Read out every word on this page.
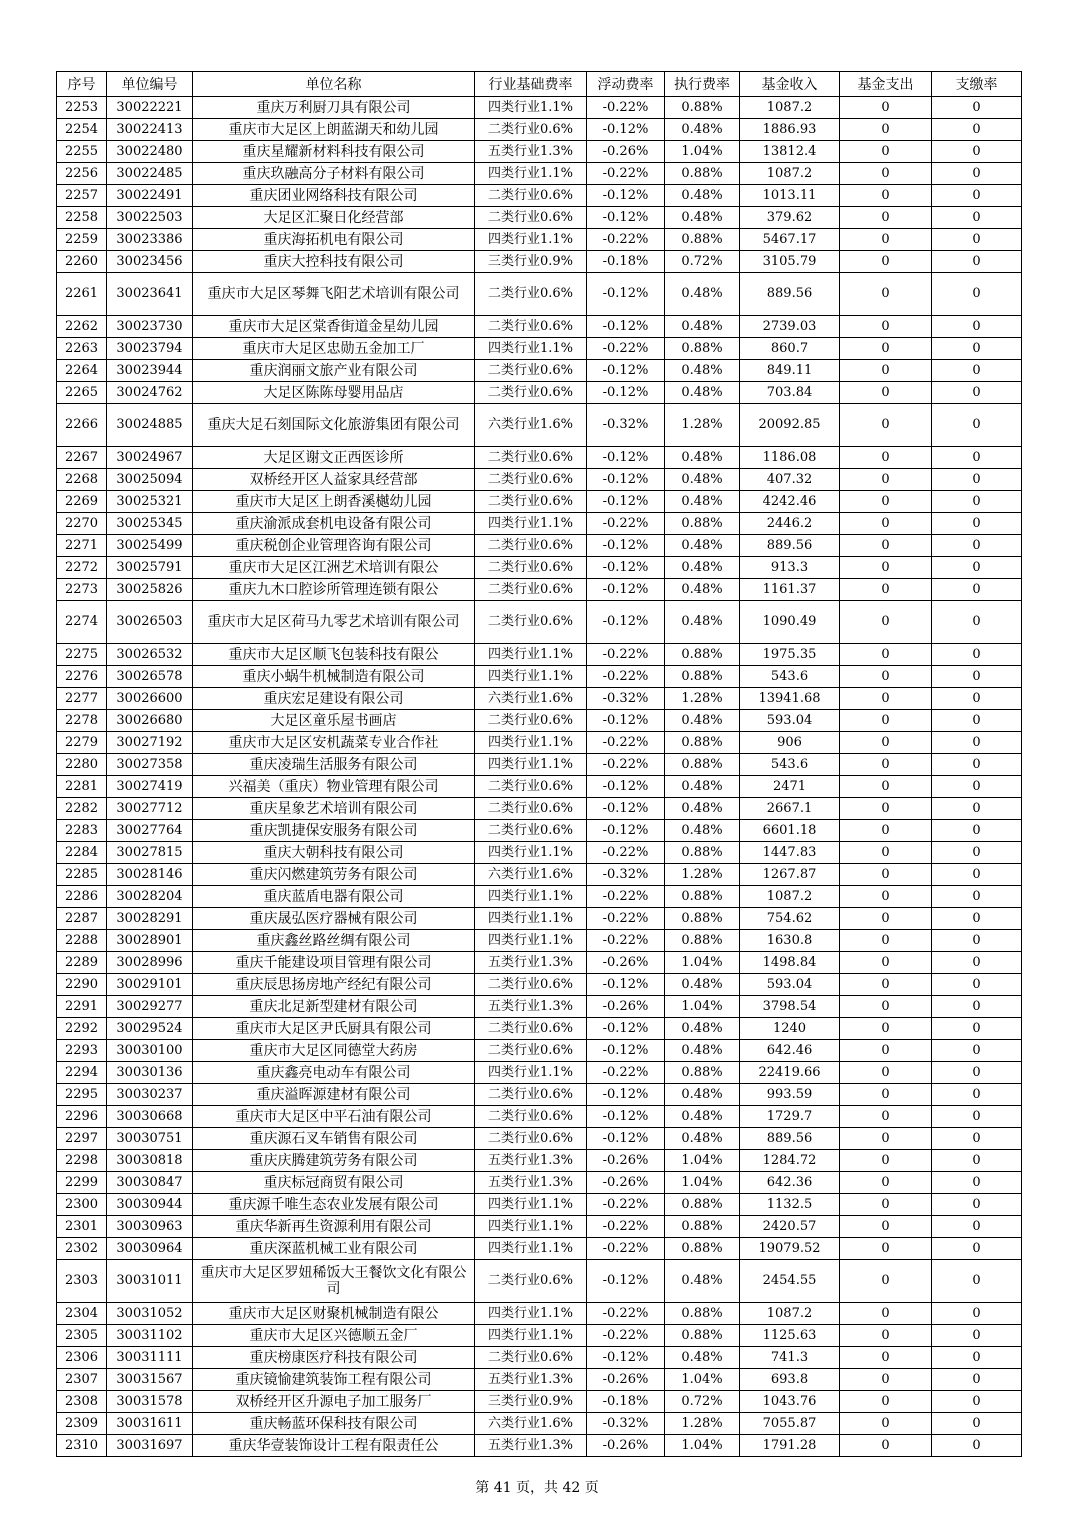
序号	单位编号	单位名称	行业基础费率	浮动费率	执行费率	基金收入	基金支出	支缴率
2253	30022221	重庆万利厨刀具有限公司	四类行业1.1%	-0.22%	0.88%	1087.2	0	0
2254	30022413	重庆市大足区上朗蓝湖天和幼儿园	二类行业0.6%	-0.12%	0.48%	1886.93	0	0
2255	30022480	重庆星耀新材料科技有限公司	五类行业1.3%	-0.26%	1.04%	13812.4	0	0
2256	30022485	重庆玖融高分子材料有限公司	四类行业1.1%	-0.22%	0.88%	1087.2	0	0
2257	30022491	重庆团业网络科技有限公司	二类行业0.6%	-0.12%	0.48%	1013.11	0	0
2258	30022503	大足区汇聚日化经营部	二类行业0.6%	-0.12%	0.48%	379.62	0	0
2259	30023386	重庆海拓机电有限公司	四类行业1.1%	-0.22%	0.88%	5467.17	0	0
2260	30023456	重庆大控科技有限公司	三类行业0.9%	-0.18%	0.72%	3105.79	0	0
2261	30023641	重庆市大足区琴舞飞阳艺术培训有限公司	二类行业0.6%	-0.12%	0.48%	889.56	0	0
2262	30023730	重庆市大足区棠香街道金星幼儿园	二类行业0.6%	-0.12%	0.48%	2739.03	0	0
2263	30023794	重庆市大足区忠勋五金加工厂	四类行业1.1%	-0.22%	0.88%	860.7	0	0
2264	30023944	重庆润丽文旅产业有限公司	二类行业0.6%	-0.12%	0.48%	849.11	0	0
2265	30024762	大足区陈陈母婴用品店	二类行业0.6%	-0.12%	0.48%	703.84	0	0
2266	30024885	重庆大足石刻国际文化旅游集团有限公司	六类行业1.6%	-0.32%	1.28%	20092.85	0	0
2267	30024967	大足区谢文正西医诊所	二类行业0.6%	-0.12%	0.48%	1186.08	0	0
2268	30025094	双桥经开区人益家具经营部	二类行业0.6%	-0.12%	0.48%	407.32	0	0
2269	30025321	重庆市大足区上朗香溪樾幼儿园	二类行业0.6%	-0.12%	0.48%	4242.46	0	0
2270	30025345	重庆渝派成套机电设备有限公司	四类行业1.1%	-0.22%	0.88%	2446.2	0	0
2271	30025499	重庆税创企业管理咨询有限公司	二类行业0.6%	-0.12%	0.48%	889.56	0	0
2272	30025791	重庆市大足区江洲艺术培训有限公	二类行业0.6%	-0.12%	0.48%	913.3	0	0
2273	30025826	重庆九木口腔诊所管理连锁有限公	二类行业0.6%	-0.12%	0.48%	1161.37	0	0
2274	30026503	重庆市大足区荷马九零艺术培训有限公司	二类行业0.6%	-0.12%	0.48%	1090.49	0	0
2275	30026532	重庆市大足区顺飞包装科技有限公	四类行业1.1%	-0.22%	0.88%	1975.35	0	0
2276	30026578	重庆小蜗牛机械制造有限公司	四类行业1.1%	-0.22%	0.88%	543.6	0	0
2277	30026600	重庆宏足建设有限公司	六类行业1.6%	-0.32%	1.28%	13941.68	0	0
2278	30026680	大足区童乐屋书画店	二类行业0.6%	-0.12%	0.48%	593.04	0	0
2279	30027192	重庆市大足区安机蔬菜专业合作社	四类行业1.1%	-0.22%	0.88%	906	0	0
2280	30027358	重庆凌瑞生活服务有限公司	四类行业1.1%	-0.22%	0.88%	543.6	0	0
2281	30027419	兴福美（重庆）物业管理有限公司	二类行业0.6%	-0.12%	0.48%	2471	0	0
2282	30027712	重庆星象艺术培训有限公司	二类行业0.6%	-0.12%	0.48%	2667.1	0	0
2283	30027764	重庆凯捷保安服务有限公司	二类行业0.6%	-0.12%	0.48%	6601.18	0	0
2284	30027815	重庆大朝科技有限公司	四类行业1.1%	-0.22%	0.88%	1447.83	0	0
2285	30028146	重庆闪燃建筑劳务有限公司	六类行业1.6%	-0.32%	1.28%	1267.87	0	0
2286	30028204	重庆蓝盾电器有限公司	四类行业1.1%	-0.22%	0.88%	1087.2	0	0
2287	30028291	重庆晟弘医疗器械有限公司	四类行业1.1%	-0.22%	0.88%	754.62	0	0
2288	30028901	重庆鑫丝路丝绸有限公司	四类行业1.1%	-0.22%	0.88%	1630.8	0	0
2289	30028996	重庆千能建设项目管理有限公司	五类行业1.3%	-0.26%	1.04%	1498.84	0	0
2290	30029101	重庆辰思扬房地产经纪有限公司	二类行业0.6%	-0.12%	0.48%	593.04	0	0
2291	30029277	重庆北足新型建材有限公司	五类行业1.3%	-0.26%	1.04%	3798.54	0	0
2292	30029524	重庆市大足区尹氏厨具有限公司	二类行业0.6%	-0.12%	0.48%	1240	0	0
2293	30030100	重庆市大足区同德堂大药房	二类行业0.6%	-0.12%	0.48%	642.46	0	0
2294	30030136	重庆鑫亮电动车有限公司	四类行业1.1%	-0.22%	0.88%	22419.66	0	0
2295	30030237	重庆溢晖源建材有限公司	二类行业0.6%	-0.12%	0.48%	993.59	0	0
2296	30030668	重庆市大足区中平石油有限公司	二类行业0.6%	-0.12%	0.48%	1729.7	0	0
2297	30030751	重庆源石叉车销售有限公司	二类行业0.6%	-0.12%	0.48%	889.56	0	0
2298	30030818	重庆庆腾建筑劳务有限公司	五类行业1.3%	-0.26%	1.04%	1284.72	0	0
2299	30030847	重庆标冠商贸有限公司	五类行业1.3%	-0.26%	1.04%	642.36	0	0
2300	30030944	重庆源千唯生态农业发展有限公司	四类行业1.1%	-0.22%	0.88%	1132.5	0	0
2301	30030963	重庆华新再生资源利用有限公司	四类行业1.1%	-0.22%	0.88%	2420.57	0	0
2302	30030964	重庆深蓝机械工业有限公司	四类行业1.1%	-0.22%	0.88%	19079.52	0	0
2303	30031011	重庆市大足区罗妞稀饭大王餐饮文化有限公司	二类行业0.6%	-0.12%	0.48%	2454.55	0	0
2304	30031052	重庆市大足区财聚机械制造有限公	四类行业1.1%	-0.22%	0.88%	1087.2	0	0
2305	30031102	重庆市大足区兴德顺五金厂	四类行业1.1%	-0.22%	0.88%	1125.63	0	0
2306	30031111	重庆榜康医疗科技有限公司	二类行业0.6%	-0.12%	0.48%	741.3	0	0
2307	30031567	重庆镜愉建筑装饰工程有限公司	五类行业1.3%	-0.26%	1.04%	693.8	0	0
2308	30031578	双桥经开区升源电子加工服务厂	三类行业0.9%	-0.18%	0.72%	1043.76	0	0
2309	30031611	重庆畅蓝环保科技有限公司	六类行业1.6%	-0.32%	1.28%	7055.87	0	0
2310	30031697	重庆华壹装饰设计工程有限责任公	五类行业1.3%	-0.26%	1.04%	1791.28	0	0
第 41 页，共 42 页
